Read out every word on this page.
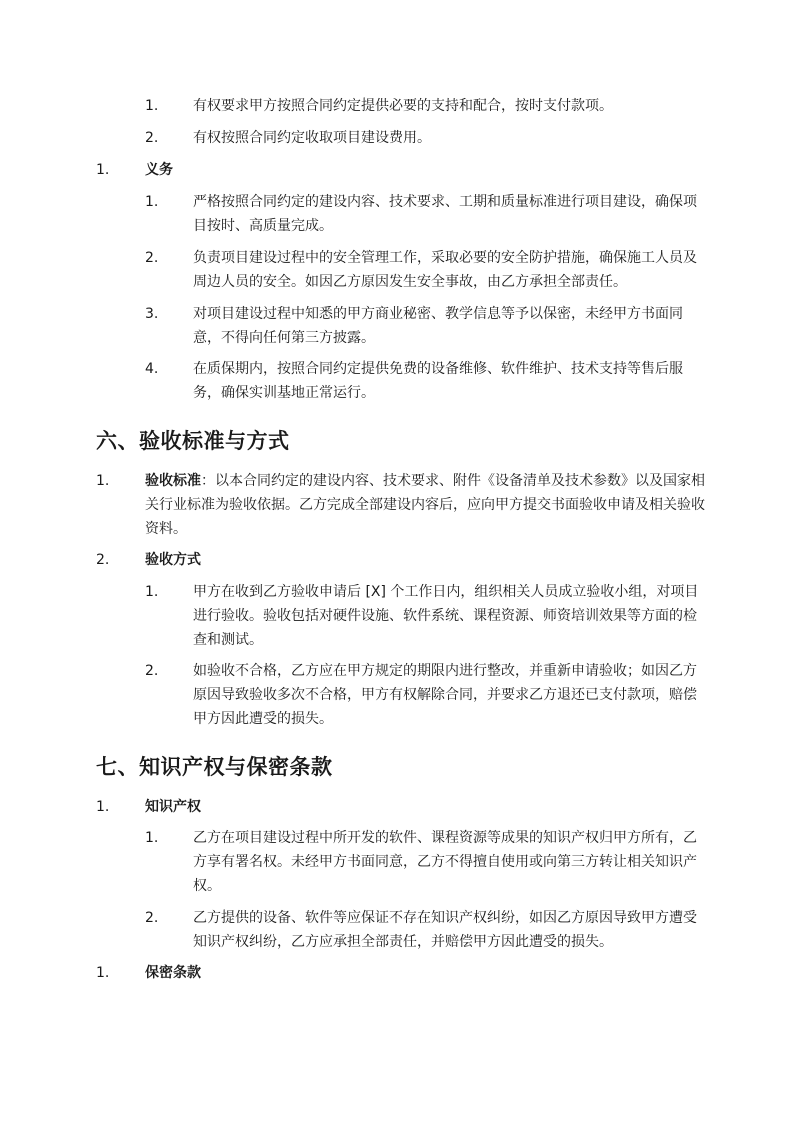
1. 有权要求甲方按照合同约定提供必要的支持和配合，按时支付款项。
2. 有权按照合同约定收取项目建设费用。
1.	义务
1. 严格按照合同约定的建设内容、技术要求、工期和质量标准进行项目建设，确保项目按时、高质量完成。
2. 负责项目建设过程中的安全管理工作，采取必要的安全防护措施，确保施工人员及周边人员的安全。如因乙方原因发生安全事故，由乙方承担全部责任。
3. 对项目建设过程中知悉的甲方商业秘密、教学信息等予以保密，未经甲方书面同意，不得向任何第三方披露。
4. 在质保期内，按照合同约定提供免费的设备维修、软件维护、技术支持等售后服务，确保实训基地正常运行。
六、验收标准与方式
1.	验收标准：以本合同约定的建设内容、技术要求、附件《设备清单及技术参数》以及国家相关行业标准为验收依据。乙方完成全部建设内容后，应向甲方提交书面验收申请及相关验收资料。
2.	验收方式
1. 甲方在收到乙方验收申请后 [X] 个工作日内，组织相关人员成立验收小组，对项目进行验收。验收包括对硬件设施、软件系统、课程资源、师资培训效果等方面的检查和测试。
2. 如验收不合格，乙方应在甲方规定的期限内进行整改，并重新申请验收；如因乙方原因导致验收多次不合格，甲方有权解除合同，并要求乙方退还已支付款项，赔偿甲方因此遭受的损失。
七、知识产权与保密条款
1.	知识产权
1. 乙方在项目建设过程中所开发的软件、课程资源等成果的知识产权归甲方所有，乙方享有署名权。未经甲方书面同意，乙方不得擅自使用或向第三方转让相关知识产权。
2. 乙方提供的设备、软件等应保证不存在知识产权纠纷，如因乙方原因导致甲方遭受知识产权纠纷，乙方应承担全部责任，并赔偿甲方因此遭受的损失。
1.	保密条款
